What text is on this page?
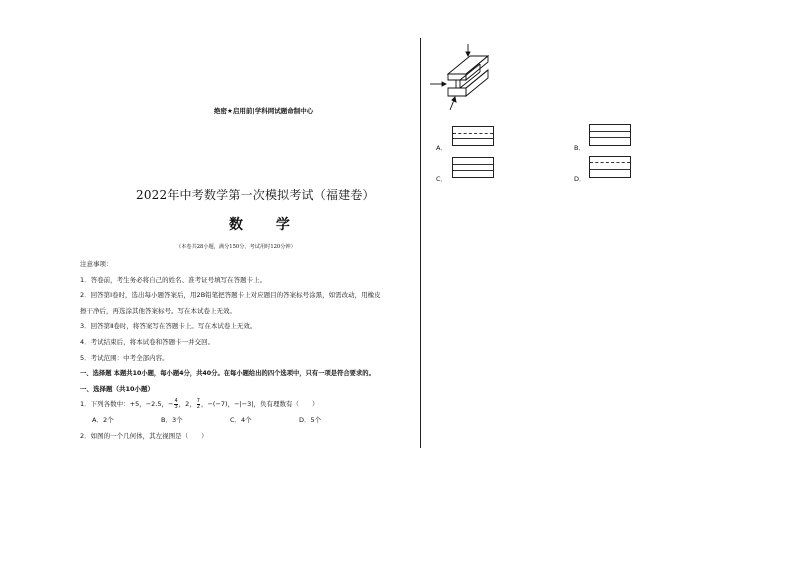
绝密★启用前|学科网试题命制中心
2022年中考数学第一次模拟考试（福建卷）
数 学
（本卷共28小题，满分150分，考试用时120分钟）
注意事项：
1．答卷前，考生务必将自己的姓名、准考证号填写在答题卡上。
2．回答第Ⅰ卷时，选出每小题答案后，用2B铅笔把答题卡上对应题目的答案标号涂黑，如需改动，用橡皮
擦干净后，再选涂其他答案标号。写在本试卷上无效。
3．回答第Ⅱ卷时，将答案写在答题卡上。写在本试卷上无效。
4．考试结束后，将本试卷和答题卡一并交回。
5．考试范围：中考全部内容。
一、选择题 本题共10小题，每小题4分，共40分。在每小题给出的四个选项中，只有一项是符合要求的。
一、选择题（共10小题）
1．下列各数中：+5，−2.5，− $\frac{4}{3}$ ，2， $\frac{7}{2}$ ，−(−7)，−|−3|，负有理数有（　　）
A．2个	B．3个	C．4个	D．5个
2．如图的一个几何体，其左视图是（　　）
A．	B．
C．	D．
